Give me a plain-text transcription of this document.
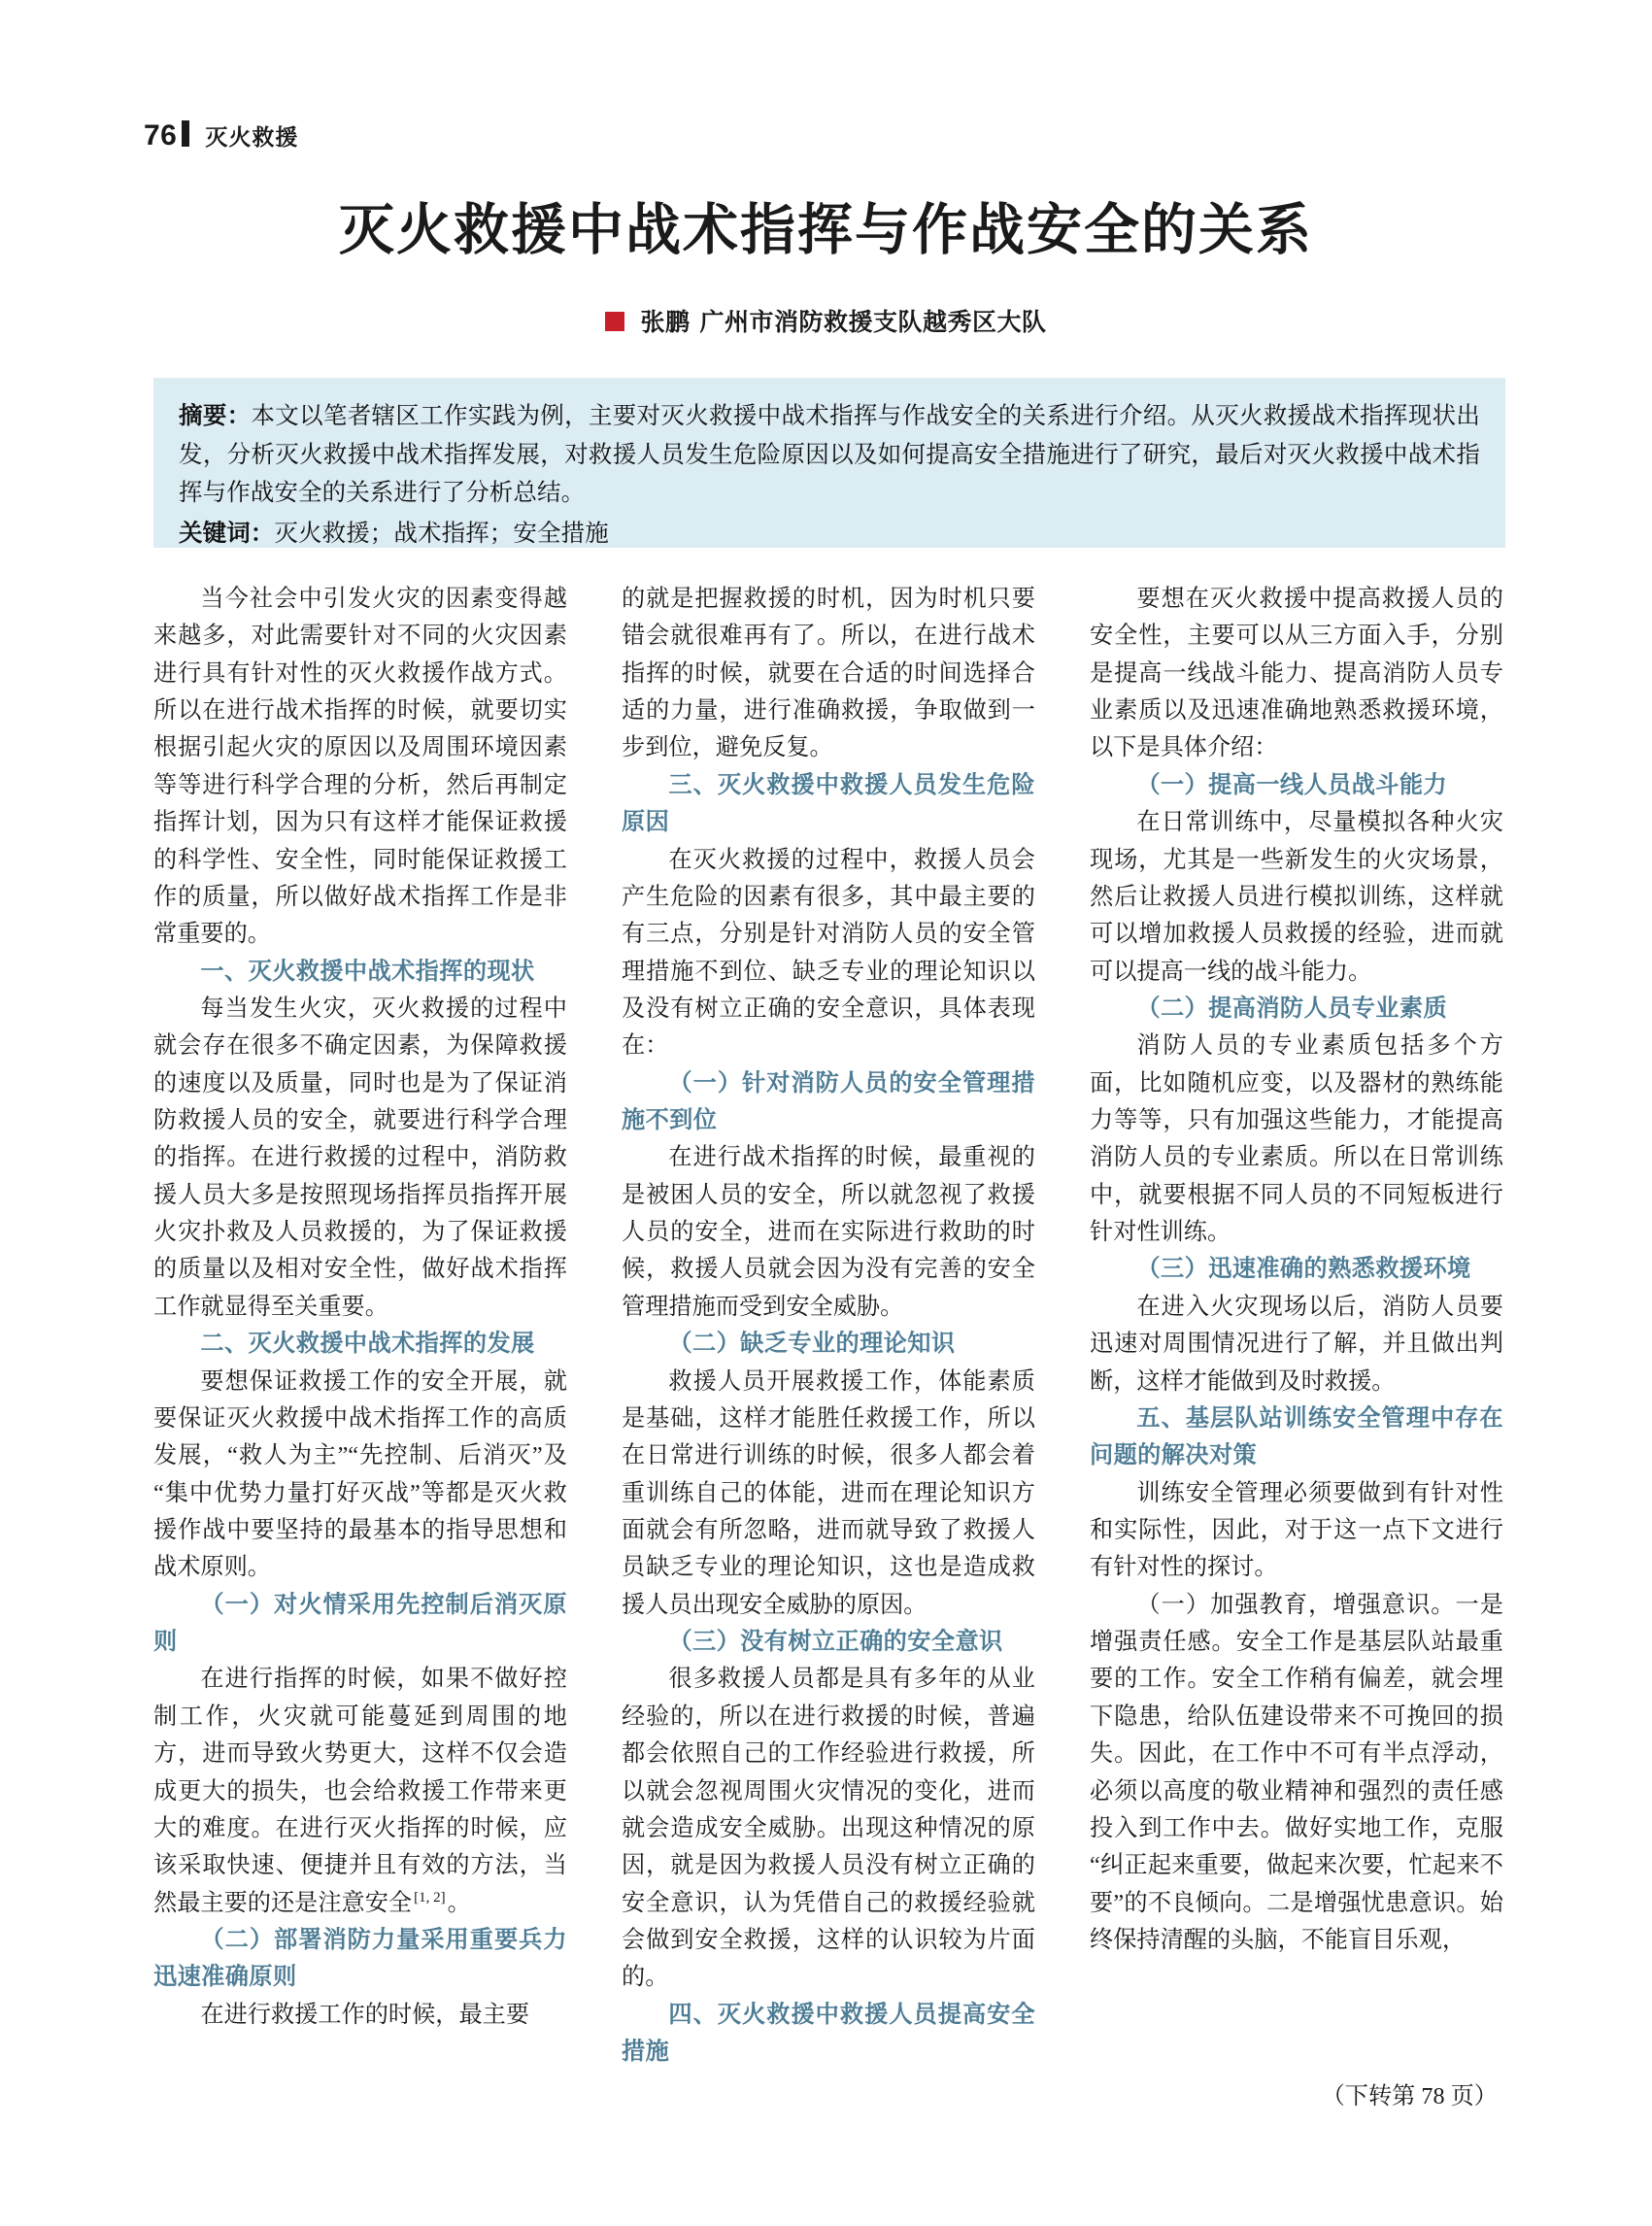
76 灭火救援
灭火救援中战术指挥与作战安全的关系
张鹏 广州市消防救援支队越秀区大队

摘要：本文以笔者辖区工作实践为例，主要对灭火救援中战术指挥与作战安全的关系进行介绍。从灭火救援战术指挥现状出发，分析灭火救援中战术指挥发展，对救援人员发生危险原因以及如何提高安全措施进行了研究，最后对灭火救援中战术指挥与作战安全的关系进行了分析总结。

关键词：灭火救援；战术指挥；安全措施

当今社会中引发火灾的因素变得越来越多，对此需要针对不同的火灾因素进行具有针对性的灭火救援作战方式。所以在进行战术指挥的时候，就要切实根据引起火灾的原因以及周围环境因素等等进行科学合理的分析，然后再制定指挥计划，因为只有这样才能保证救援的科学性、安全性，同时能保证救援工作的质量，所以做好战术指挥工作是非常重要的。

一、灭火救援中战术指挥的现状

每当发生火灾，灭火救援的过程中就会存在很多不确定因素，为保障救援的速度以及质量，同时也是为了保证消防救援人员的安全，就要进行科学合理的指挥。在进行救援的过程中，消防救援人员大多是按照现场指挥员指挥开展火灾扑救及人员救援的，为了保证救援的质量以及相对安全性，做好战术指挥工作就显得至关重要。

二、灭火救援中战术指挥的发展

要想保证救援工作的安全开展，就要保证灭火救援中战术指挥工作的高质发展，“救人为主”“先控制、后消灭”及“集中优势力量打好灭战”等都是灭火救援作战中要坚持的最基本的指导思想和战术原则。

（一）对火情采用先控制后消灭原则

在进行指挥的时候，如果不做好控制工作，火灾就可能蔓延到周围的地方，进而导致火势更大，这样不仅会造成更大的损失，也会给救援工作带来更大的难度。在进行灭火指挥的时候，应该采取快速、便捷并且有效的方法，当然最主要的还是注意安全 [1, 2]。

（二）部署消防力量采用重要兵力迅速准确原则

在进行救援工作的时候，最主要

的就是把握救援的时机，因为时机只要错会就很难再有了。所以，在进行战术指挥的时候，就要在合适的时间选择合适的力量，进行准确救援，争取做到一步到位，避免反复。

三、灭火救援中救援人员发生危险原因

在灭火救援的过程中，救援人员会产生危险的因素有很多，其中最主要的有三点，分别是针对消防人员的安全管理措施不到位、缺乏专业的理论知识以及没有树立正确的安全意识，具体表现在：

（一）针对消防人员的安全管理措施不到位

在进行战术指挥的时候，最重视的是被困人员的安全，所以就忽视了救援人员的安全，进而在实际进行救助的时候，救援人员就会因为没有完善的安全管理措施而受到安全威胁。

（二）缺乏专业的理论知识

救援人员开展救援工作，体能素质是基础，这样才能胜任救援工作，所以在日常进行训练的时候，很多人都会着重训练自己的体能，进而在理论知识方面就会有所忽略，进而就导致了救援人员缺乏专业的理论知识，这也是造成救援人员出现安全威胁的原因。

（三）没有树立正确的安全意识

很多救援人员都是具有多年的从业经验的，所以在进行救援的时候，普遍都会依照自己的工作经验进行救援，所以就会忽视周围火灾情况的变化，进而就会造成安全威胁。出现这种情况的原因，就是因为救援人员没有树立正确的安全意识，认为凭借自己的救援经验就会做到安全救援，这样的认识较为片面的。

四、灭火救援中救援人员提高安全措施

要想在灭火救援中提高救援人员的安全性，主要可以从三方面入手，分别是提高一线战斗能力、提高消防人员专业素质以及迅速准确地熟悉救援环境，以下是具体介绍：

（一）提高一线人员战斗能力

在日常训练中，尽量模拟各种火灾现场，尤其是一些新发生的火灾场景，然后让救援人员进行模拟训练，这样就可以增加救援人员救援的经验，进而就可以提高一线的战斗能力。

（二）提高消防人员专业素质

消防人员的专业素质包括多个方面，比如随机应变，以及器材的熟练能力等等，只有加强这些能力，才能提高消防人员的专业素质。所以在日常训练中，就要根据不同人员的不同短板进行针对性训练。

（三）迅速准确的熟悉救援环境

在进入火灾现场以后，消防人员要迅速对周围情况进行了解，并且做出判断，这样才能做到及时救援。

五、基层队站训练安全管理中存在问题的解决对策

训练安全管理必须要做到有针对性和实际性，因此，对于这一点下文进行有针对性的探讨。

（一）加强教育，增强意识。一是增强责任感。安全工作是基层队站最重要的工作。安全工作稍有偏差，就会埋下隐患，给队伍建设带来不可挽回的损失。因此，在工作中不可有半点浮动，必须以高度的敬业精神和强烈的责任感投入到工作中去。做好实地工作，克服“纠正起来重要，做起来次要，忙起来不要”的不良倾向。二是增强忧患意识。始终保持清醒的头脑，不能盲目乐观，

（下转第 78 页）
